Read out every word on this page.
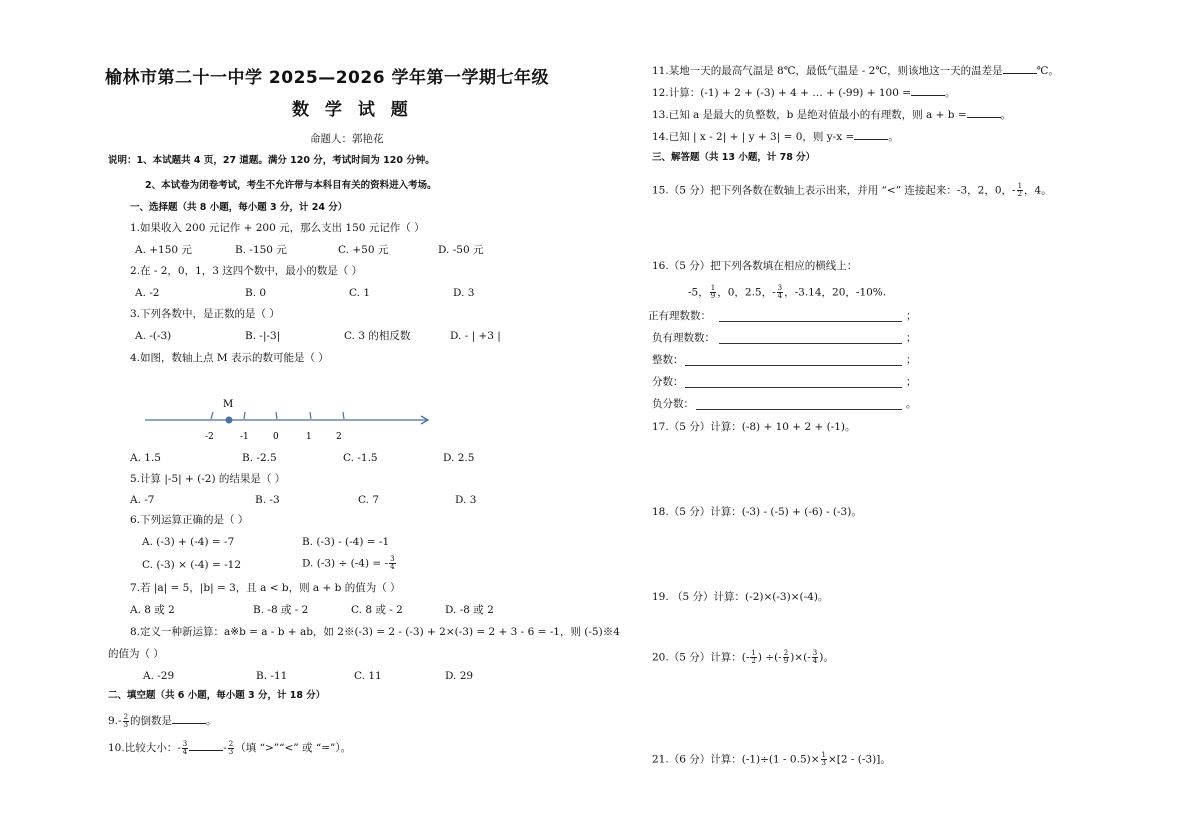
榆林市第二十一中学 2025—2026 学年第一学期七年级
数 学 试 题
命题人：郭艳花
说明：1、本试题共 4 页，27 道题。满分 120 分，考试时间为 120 分钟。
2、本试卷为闭卷考试，考生不允许带与本科目有关的资料进入考场。
一、选择题（共 8 小题，每小题 3 分，计 24 分）
1.如果收入 200 元记作 + 200 元，那么支出 150 元记作（ ）
A. +150 元	B. -150 元	C. +50 元	D. -50 元
2.在 - 2，0，1，3 这四个数中，最小的数是（ ）
A. -2	B. 0	C. 1	D. 3
3.下列各数中，是正数的是（ ）
A. -(-3)	B. -|-3|	C. 3 的相反数	D. - | +3 |
4.如图，数轴上点 M 表示的数可能是（ ）
M
-2	-1	0	1	2
A. 1.5	B. -2.5	C. -1.5	D. 2.5
5.计算 |-5| + (-2) 的结果是（ ）
A. -7	B. -3	C. 7	D. 3
6.下列运算正确的是（ ）
A. (-3) + (-4) = -7	B. (-3) - (-4) = -1
C. (-3) × (-4) = -12	D. (-3) ÷ (-4) = - $\frac{3}{4}$
7.若 |a| = 5，|b| = 3，且 a < b，则 a + b 的值为（ ）
A. 8 或 2	B. -8 或 - 2	C. 8 或 - 2	D. -8 或 2
8.定义一种新运算：a※b = a - b + ab，如 2※(-3) = 2 - (-3) + 2×(-3) = 2 + 3 - 6 = -1，则 (-5)※4
的值为（ ）
A. -29	B. -11	C. 11	D. 29
二、填空题（共 6 小题，每小题 3 分，计 18 分）
$9.- \frac{2}{3}$ 的倒数是	。
10.比较大小：- $\frac{3}{4}$	- $\frac{2}{3}$ （填 “>”“<” 或 “=”）。
11.某地一天的最高气温是 8℃，最低气温是 - 2℃，则该地这一天的温差是	℃。
12.计算：(-1) + 2 + (-3) + 4 + … + (-99) + 100 =	。
13.已知 a 是最大的负整数，b 是绝对值最小的有理数，则 a + b =	。
14.已知 | x - 2| + | y + 3| = 0，则 y-x =	。
三、解答题（共 13 小题，计 78 分）
15.（5 分）把下列各数在数轴上表示出来，并用 “<” 连接起来：-3，2，0，- $\frac{1}{2}$ ，4。
16.（5 分）把下列各数填在相应的横线上：
-5， $\frac{1}{9}$ ，0，2.5，- $\frac{3}{4}$ ，-3.14，20，-10%.
正有理数数：	；
负有理数数：	；
整数：	；
分数：	；
负分数：	。
17.（5 分）计算：(-8) + 10 + 2 + (-1)。
18.（5 分）计算：(-3) - (-5) + (-6) - (-3)。
19. （5 分）计算：(-2)×(-3)×(-4)。
20.（5 分）计算：(- $\frac{1}{2}$ ) ÷(- $\frac{2}{9}$ )×(- $\frac{3}{4}$ )。
21.（6 分）计算：$(-1)\div(1 - 0.5)\times \frac{1}{3} \times[2 - (-3)]$。
